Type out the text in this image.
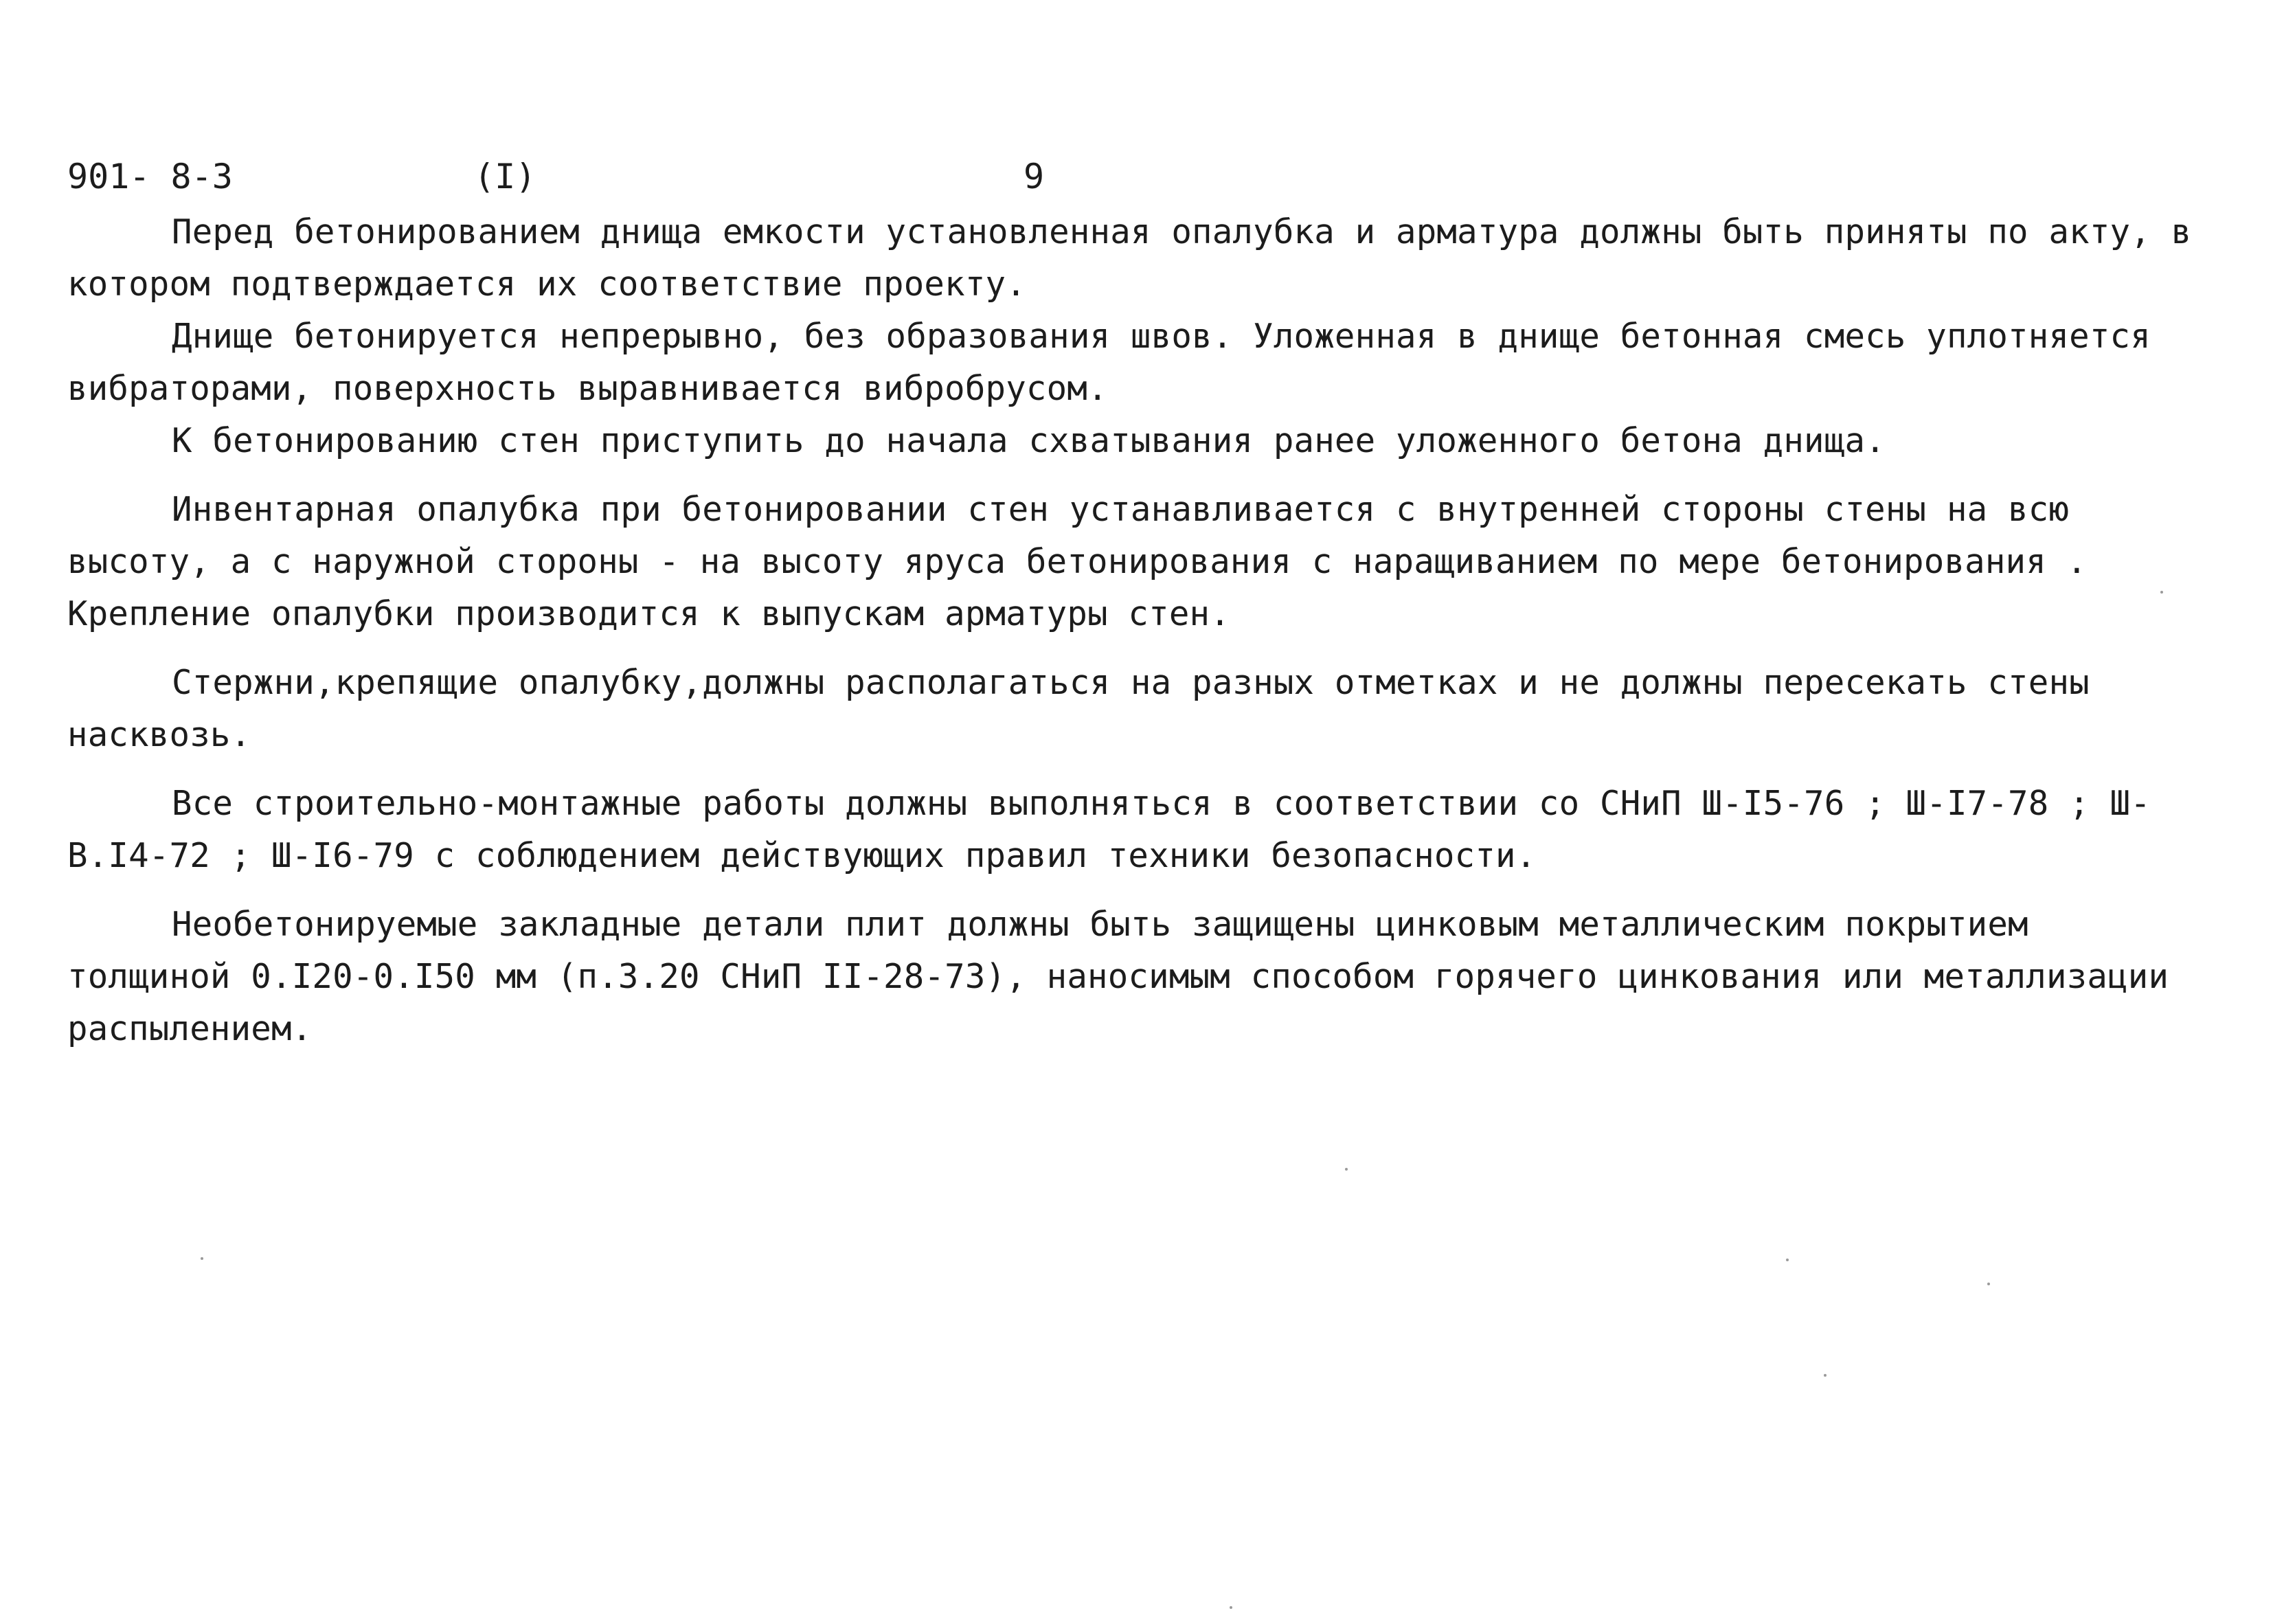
901- 8-3	(I)	9

Перед бетонированием днища емкости установленная опалубка и арматура должны быть приняты по акту, в котором подтверждается их соответствие проекту.

Днище бетонируется непрерывно, без образования швов. Уложенная в днище бетонная смесь уплотняется вибраторами, поверхность выравнивается вибробрусом.

К бетонированию стен приступить до начала схватывания ранее уложенного бетона днища.

Инвентарная опалубка при бетонировании стен устанавливается с внутренней стороны стены на всю высоту, а с наружной стороны - на высоту яруса бетонирования с наращиванием по мере бетонирования . Крепление опалубки производится к выпускам арматуры стен.

Стержни,крепящие опалубку,должны располагаться на разных отметках и не должны пересекать стены насквозь.

Все строительно-монтажные работы должны выполняться в соответствии со СНиП Ш-I5-76 ; Ш-I7-78 ; Ш-В.I4-72 ; Ш-I6-79 с соблюдением действующих правил техники безопасности.

Необетонируемые закладные детали плит должны быть защищены цинковым металлическим покрытием толщиной 0.I20-0.I50 мм (п.3.20 СНиП II-28-73), наносимым способом горячего цинкования или металлизации распылением.
